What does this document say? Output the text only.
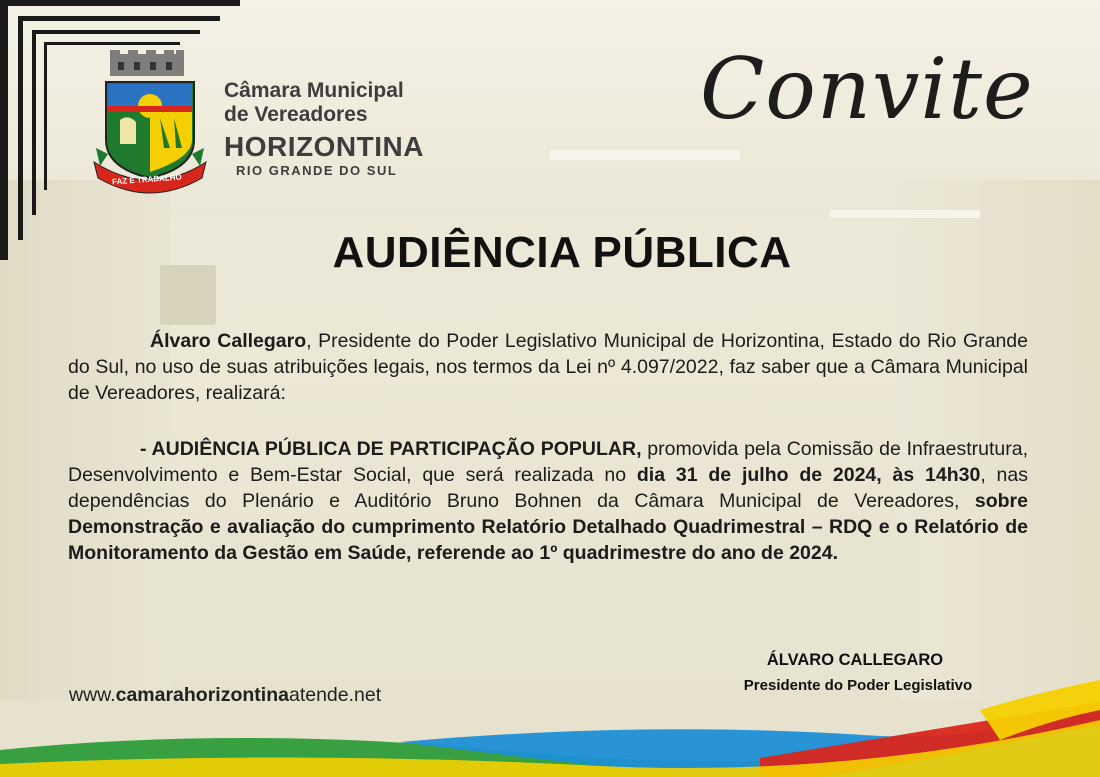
FAZ E TRABALHO
Câmara Municipal
de Vereadores
HORIZONTINA
RIO GRANDE DO SUL
Convite
AUDIÊNCIA PÚBLICA
Álvaro Callegaro, Presidente do Poder Legislativo Municipal de Horizontina, Estado do Rio Grande do Sul, no uso de suas atribuições legais, nos termos da Lei nº 4.097/2022, faz saber que a Câmara Municipal de Vereadores, realizará:
- AUDIÊNCIA PÚBLICA DE PARTICIPAÇÃO POPULAR, promovida pela Comissão de Infraestrutura, Desenvolvimento e Bem-Estar Social, que será realizada no dia 31 de julho de 2024, às 14h30, nas dependências do Plenário e Auditório Bruno Bohnen da Câmara Municipal de Vereadores, sobre Demonstração e avaliação do cumprimento Relatório Detalhado Quadrimestral – RDQ e o Relatório de Monitoramento da Gestão em Saúde, referende ao 1º quadrimestre do ano de 2024.
ÁLVARO CALLEGARO
Presidente do Poder Legislativo
www.camarahorizontinaatende.net
